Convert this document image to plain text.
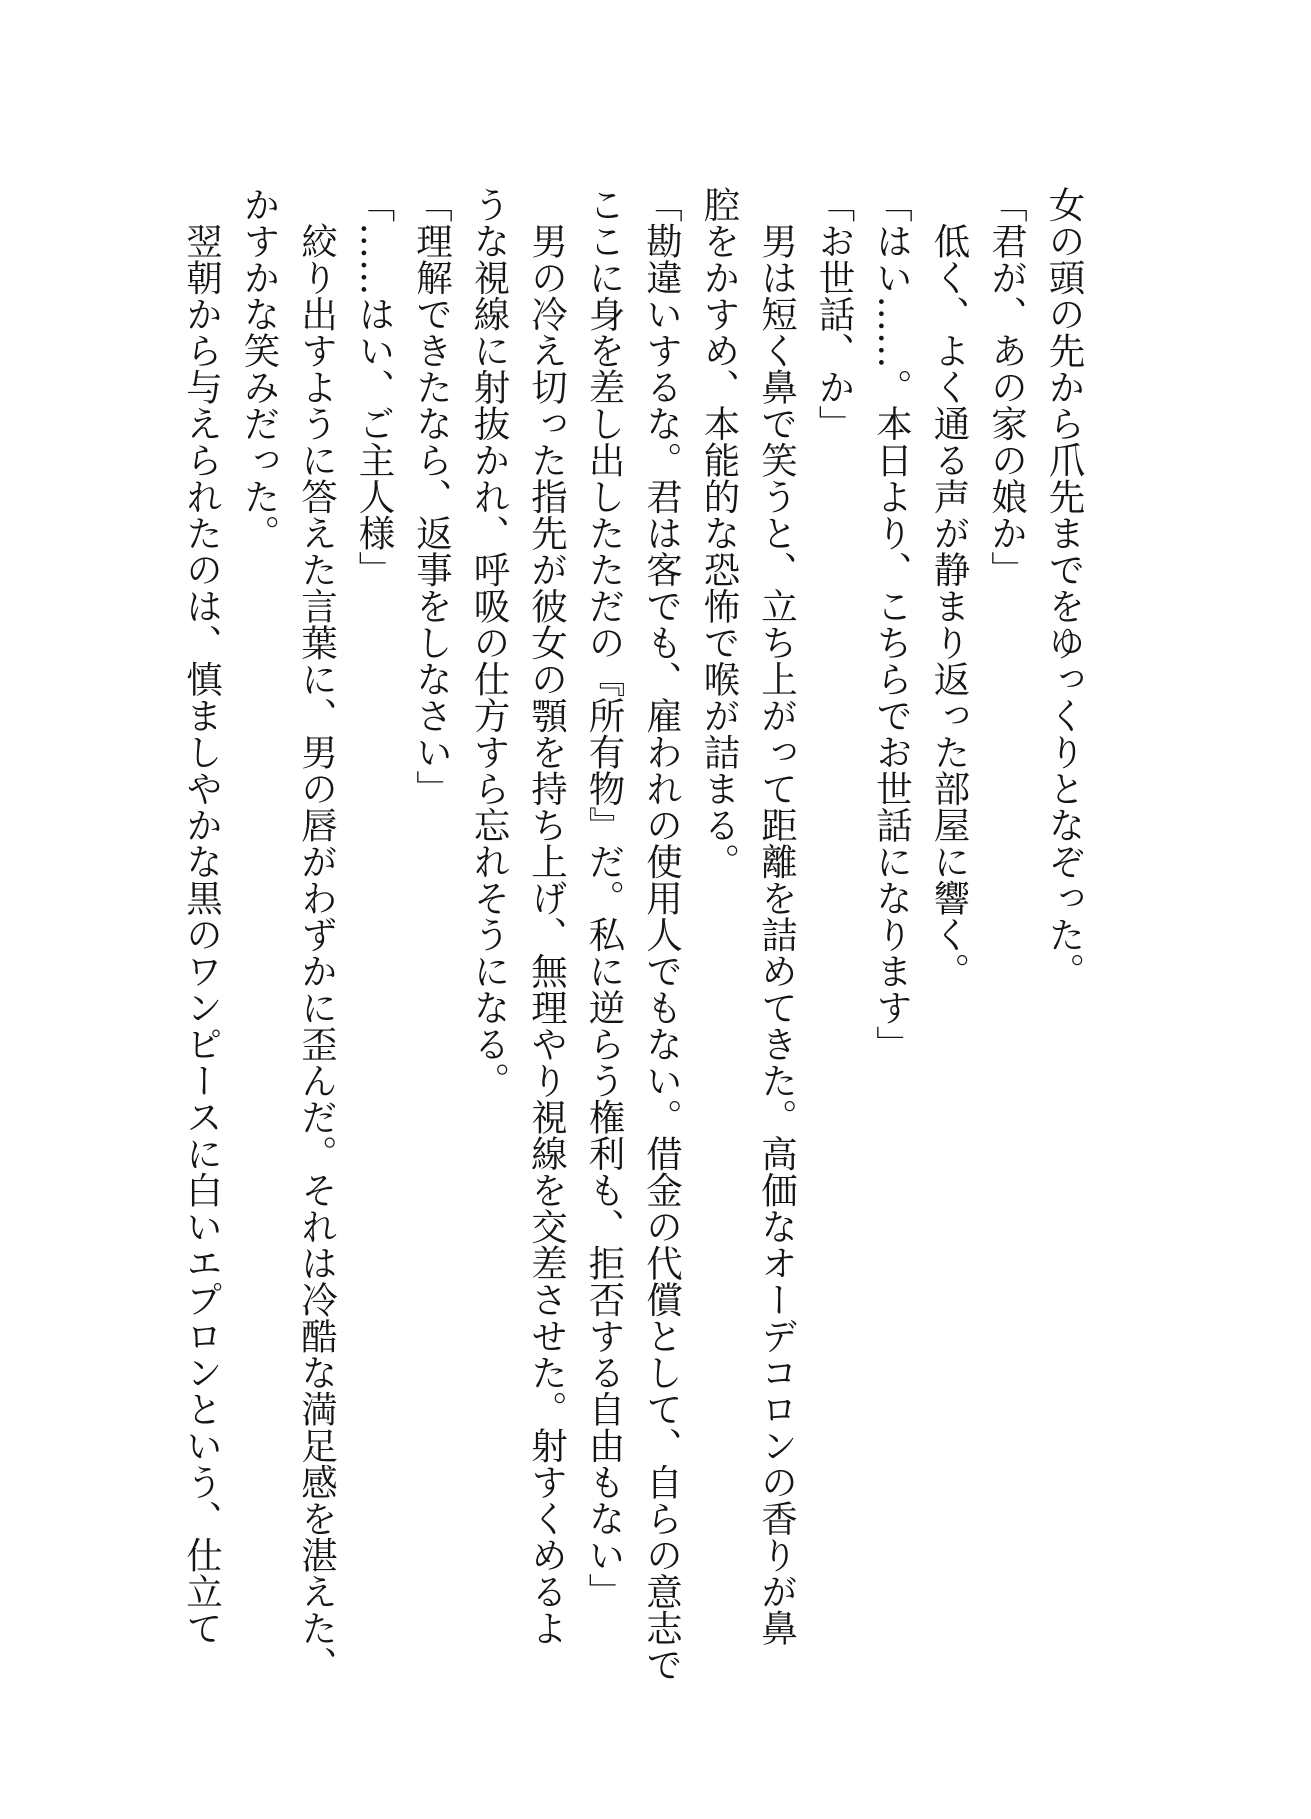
女の頭の先から爪先までをゆっくりとなぞった。
「君が、あの家の娘か」
　低く、よく通る声が静まり返った部屋に響く。
「はい……。本日より、こちらでお世話になります」
「お世話、か」
　男は短く鼻で笑うと、立ち上がって距離を詰めてきた。高価なオーデコロンの香りが鼻
腔をかすめ、本能的な恐怖で喉が詰まる。
「勘違いするな。君は客でも、雇われの使用人でもない。借金の代償として、自らの意志で
ここに身を差し出したただの『所有物』だ。私に逆らう権利も、拒否する自由もない」
　男の冷え切った指先が彼女の顎を持ち上げ、無理やり視線を交差させた。射すくめるよ
うな視線に射抜かれ、呼吸の仕方すら忘れそうになる。
「理解できたなら、返事をしなさい」
「……はい、ご主人様」
　絞り出すように答えた言葉に、男の唇がわずかに歪んだ。それは冷酷な満足感を湛えた、
かすかな笑みだった。
　翌朝から与えられたのは、慎ましやかな黒のワンピースに白いエプロンという、仕立て
